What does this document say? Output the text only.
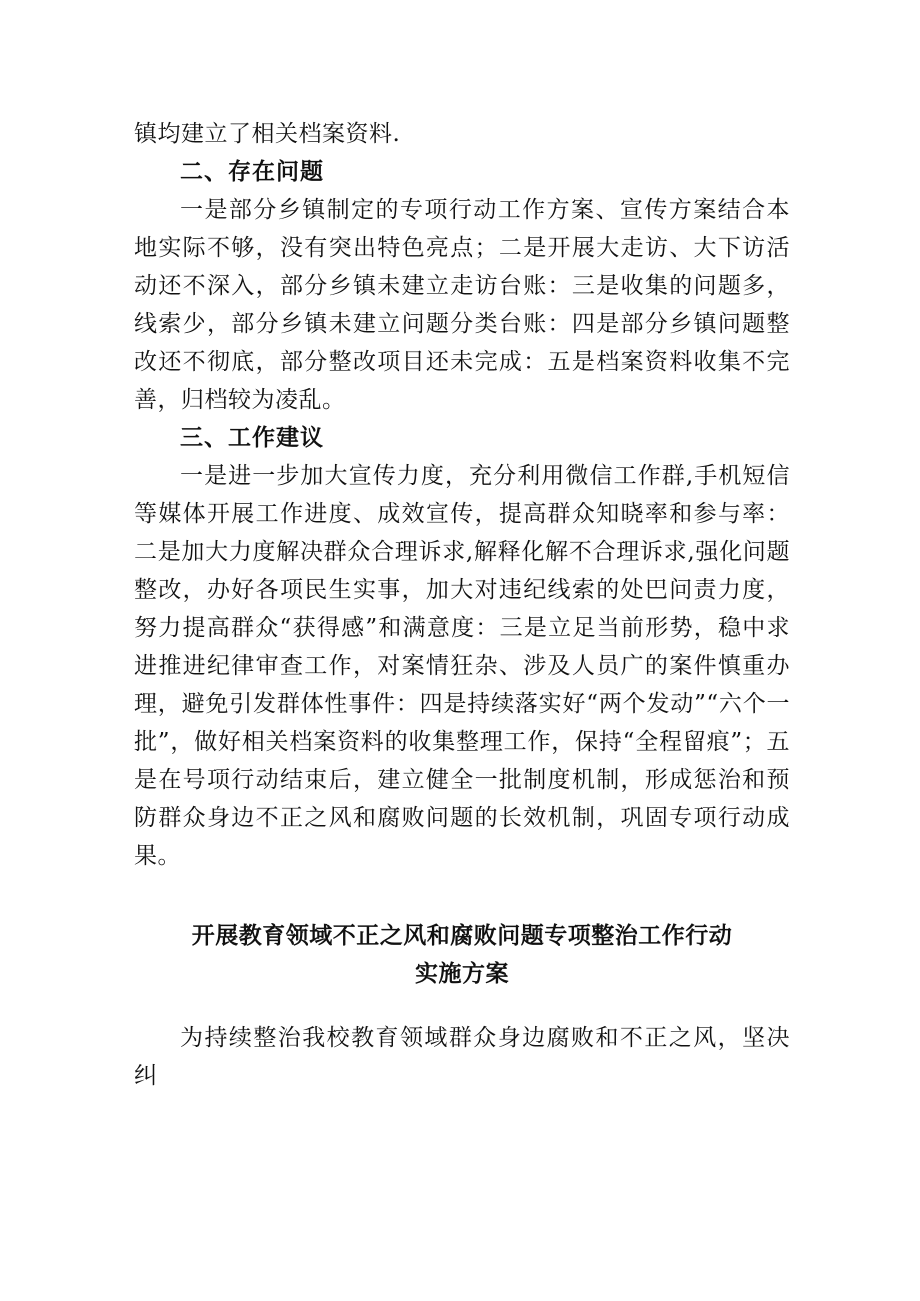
镇均建立了相关档案资料.

二、存在问题

一是部分乡镇制定的专项行动工作方案、宣传方案结合本地实际不够，没有突出特色亮点；二是开展大走访、大下访活动还不深入，部分乡镇未建立走访台账：三是收集的问题多，线索少，部分乡镇未建立问题分类台账：四是部分乡镇问题整改还不彻底，部分整改项目还未完成：五是档案资料收集不完善，归档较为凌乱。

三、工作建议

一是进一步加大宣传力度，充分利用微信工作群,手机短信等媒体开展工作进度、成效宣传，提高群众知晓率和参与率：二是加大力度解决群众合理诉求,解释化解不合理诉求,强化问题整改，办好各项民生实事，加大对违纪线索的处巴问责力度，努力提高群众“获得感”和满意度：三是立足当前形势，稳中求进推进纪律审查工作，对案情狂杂、涉及人员广的案件慎重办理，避免引发群体性事件：四是持续落实好“两个发动”“六个一批”，做好相关档案资料的收集整理工作，保持“全程留痕”；五是在号项行动结束后，建立健全一批制度机制，形成惩治和预防群众身边不正之风和腐败问题的长效机制，巩固专项行动成果。

开展教育领域不正之风和腐败问题专项整治工作行动

实施方案

为持续整治我校教育领域群众身边腐败和不正之风，坚决纠
